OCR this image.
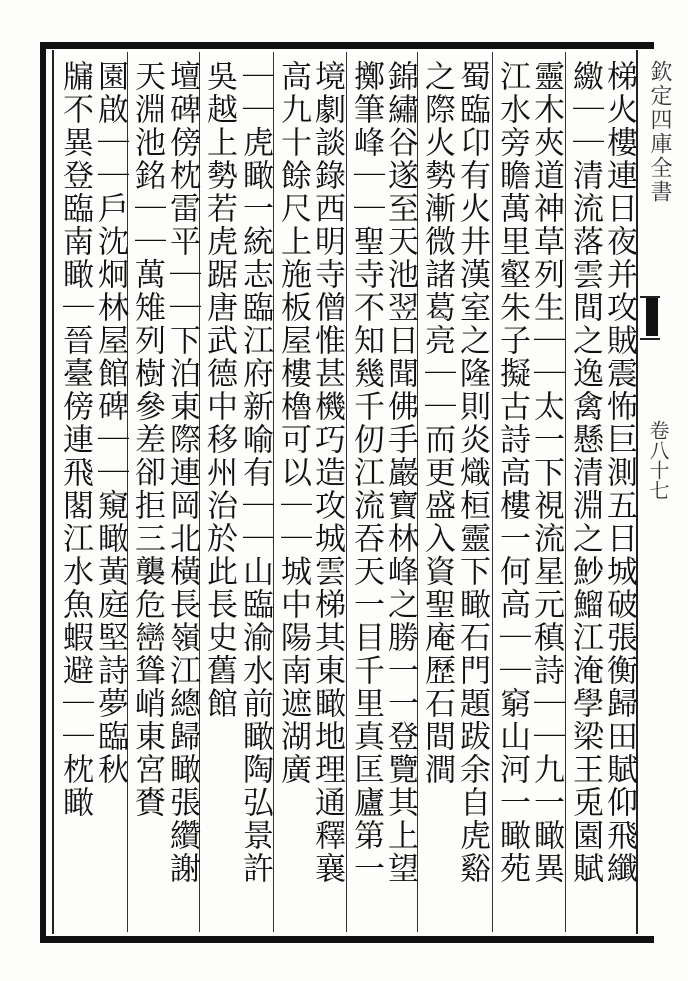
梯火樓連日夜并攻賊震怖巨測五日城破張衡歸田賦仰飛纖
繳｜｜清流落雲間之逸禽懸清淵之魦鰡江淹學梁王兎園賦
靈木夾道神草列生｜｜太一下視流星元稹詩｜｜九一瞰異
江水旁瞻萬里壑朱子擬古詩高樓一何高｜｜窮山河一瞰苑
蜀臨卬有火井漢室之隆則炎熾桓靈下瞰石門題跋余自虎谿
之際火勢漸微諸葛亮｜｜而更盛入資聖庵歷石間澗
錦繡谷遂至天池翌日聞佛手巖寶林峰之勝一一登覽其上望
擲筆峰｜｜聖寺不知幾千仞江流吞天一目千里真匡廬第一
境劇談錄西明寺僧惟甚機巧造攻城雲梯其東瞰地理通釋襄
高九十餘尺上施板屋樓櫓可以｜｜城中陽南遮湖廣
｜｜虎瞰一統志臨江府新喻有｜｜山臨渝水前瞰陶弘景許
吳越上勢若虎踞唐武德中移州治於此長史舊館
壇碑傍枕雷平｜｜下泊東際連岡北橫長嶺江總歸瞰張纘謝
天淵池銘｜｜萬雉列樹參差卻拒三襲危巒聳峭東宮賚
園啟｜｜戶沈炯林屋館碑｜｜窺瞰黃庭堅詩夢臨秋
牖不異登臨南瞰｜晉臺傍連飛閣江水魚蝦避｜｜枕瞰	欽定四庫全書
卷八十七
